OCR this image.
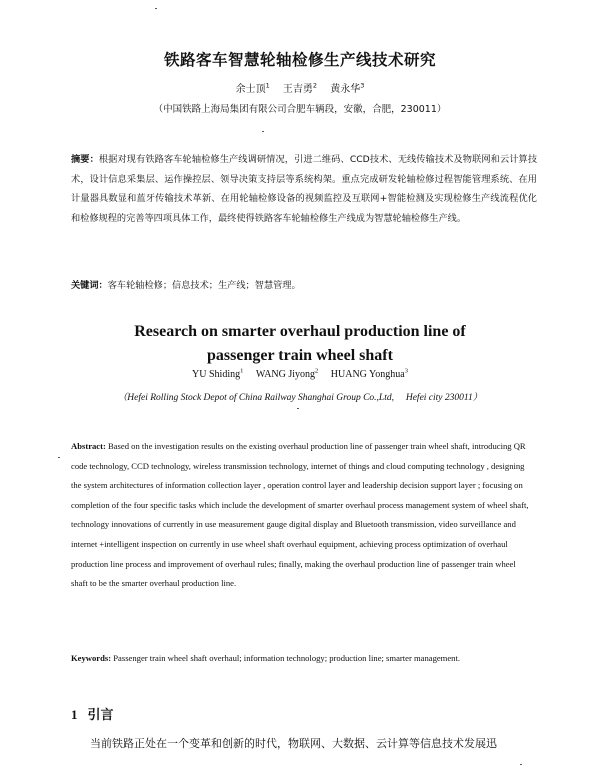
铁路客车智慧轮轴检修生产线技术研究
余士顶$^1$ 王吉勇$^2$ 黄永华$^3$
（中国铁路上海局集团有限公司合肥车辆段，安徽，合肥，230011）
摘要：根据对现有铁路客车轮轴检修生产线调研情况，引进二维码、CCD技术、无线传输技术及物联网和云计算技术，设计信息采集层、运作操控层、领导决策支持层等系统构架。重点完成研发轮轴检修过程智能管理系统、在用计量器具数显和蓝牙传输技术革新、在用轮轴检修设备的视频监控及互联网+智能检测及实现检修生产线流程优化和检修规程的完善等四项具体工作，最终使得铁路客车轮轴检修生产线成为智慧轮轴检修生产线。
关键词：客车轮轴检修；信息技术；生产线；智慧管理。
Research on smarter overhaul production line of
passenger train wheel shaft
YU Shiding$^1$ WANG Jiyong$^2$ HUANG Yonghua$^3$
（Hefei Rolling Stock Depot of China Railway Shanghai Group Co.,Ltd,     Hefei city 230011）
Abstract: Based on the investigation results on the existing overhaul production line of passenger train wheel shaft, introducing QR code technology, CCD technology, wireless transmission technology, internet of things and cloud computing technology , designing the system architectures of information collection layer , operation control layer and leadership decision support layer ; focusing on completion of the four specific tasks which include the development of smarter overhaul process management system of wheel shaft, technology innovations of currently in use measurement gauge digital display and Bluetooth transmission, video surveillance and internet +intelligent inspection on currently in use wheel shaft overhaul equipment, achieving process optimization of overhaul production line process and improvement of overhaul rules; finally, making the overhaul production line of passenger train wheel shaft to be the smarter overhaul production line.
Keywords: Passenger train wheel shaft overhaul; information technology; production line; smarter management.
1 引言
当前铁路正处在一个变革和创新的时代，物联网、大数据、云计算等信息技术发展迅
